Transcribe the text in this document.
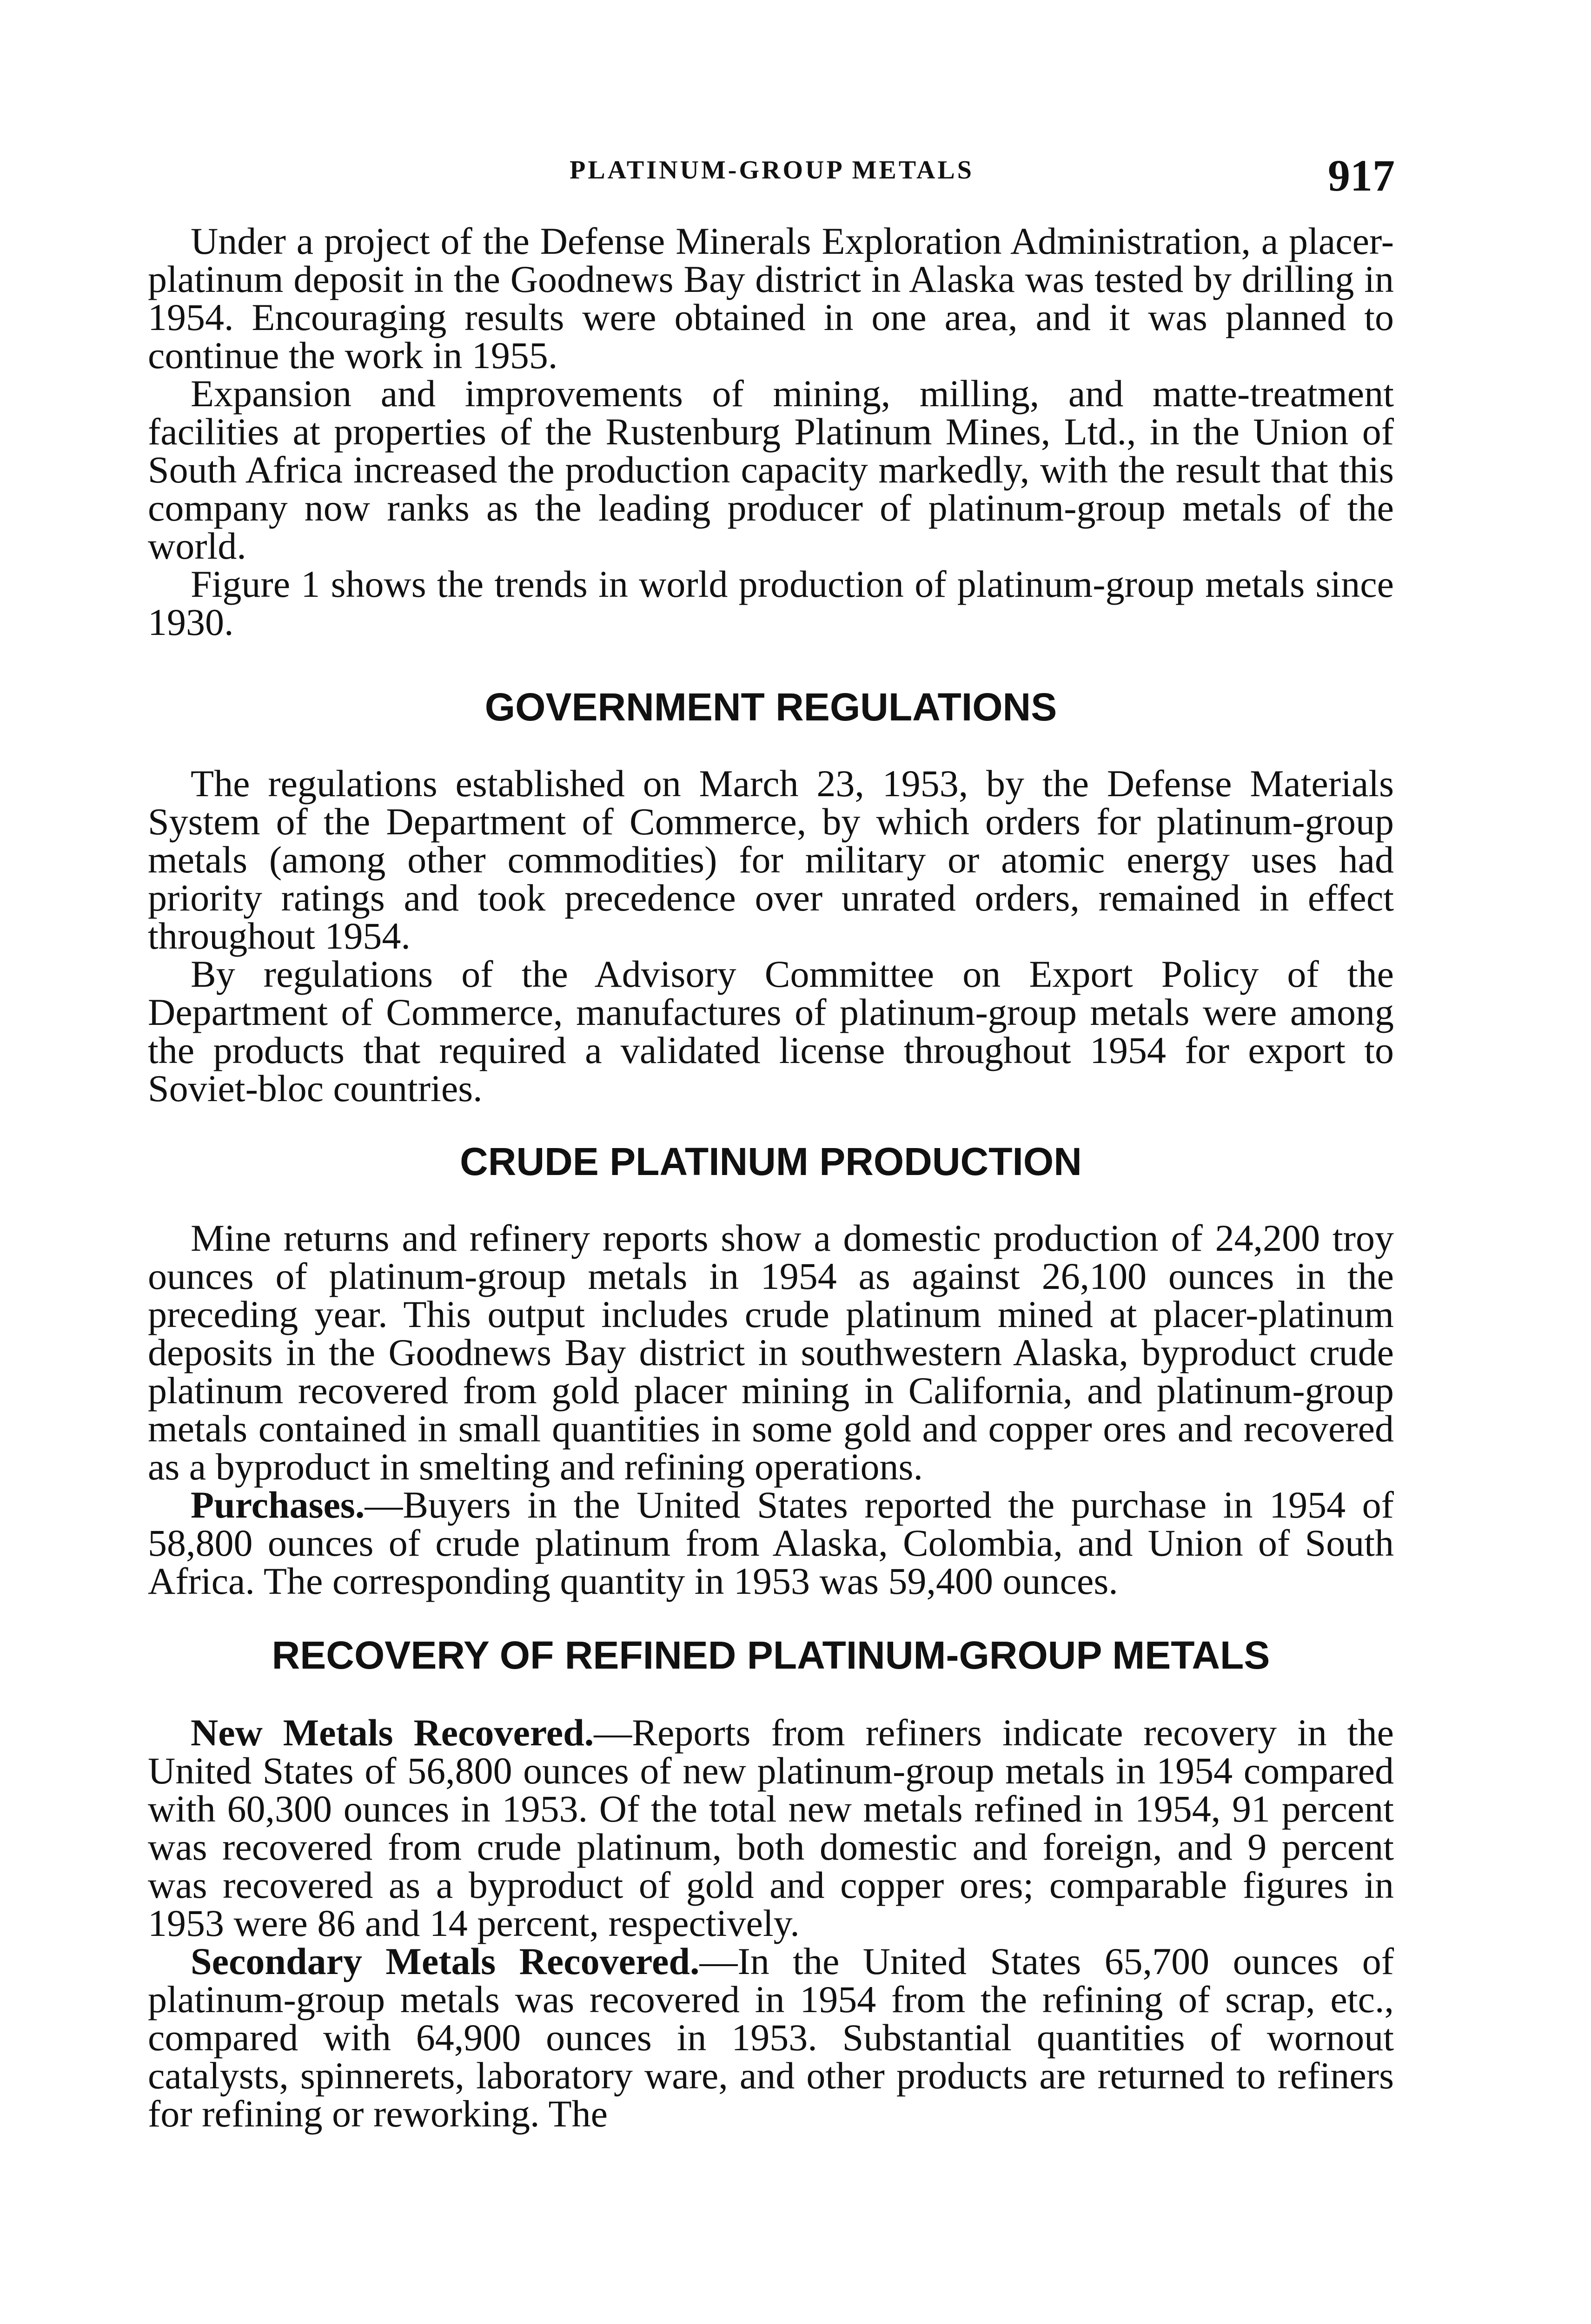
PLATINUM-GROUP METALS	917

Under a project of the Defense Minerals Exploration Administration, a placer-platinum deposit in the Goodnews Bay district in Alaska was tested by drilling in 1954. Encouraging results were obtained in one area, and it was planned to continue the work in 1955.

Expansion and improvements of mining, milling, and matte-treatment facilities at properties of the Rustenburg Platinum Mines, Ltd., in the Union of South Africa increased the production capacity markedly, with the result that this company now ranks as the leading producer of platinum-group metals of the world.

Figure 1 shows the trends in world production of platinum-group metals since 1930.

GOVERNMENT REGULATIONS

The regulations established on March 23, 1953, by the Defense Materials System of the Department of Commerce, by which orders for platinum-group metals (among other commodities) for military or atomic energy uses had priority ratings and took precedence over unrated orders, remained in effect throughout 1954.

By regulations of the Advisory Committee on Export Policy of the Department of Commerce, manufactures of platinum-group metals were among the products that required a validated license throughout 1954 for export to Soviet-bloc countries.

CRUDE PLATINUM PRODUCTION

Mine returns and refinery reports show a domestic production of 24,200 troy ounces of platinum-group metals in 1954 as against 26,100 ounces in the preceding year. This output includes crude platinum mined at placer-platinum deposits in the Goodnews Bay district in southwestern Alaska, byproduct crude platinum recovered from gold placer mining in California, and platinum-group metals contained in small quantities in some gold and copper ores and recovered as a byproduct in smelting and refining operations.

Purchases.—Buyers in the United States reported the purchase in 1954 of 58,800 ounces of crude platinum from Alaska, Colombia, and Union of South Africa. The corresponding quantity in 1953 was 59,400 ounces.

RECOVERY OF REFINED PLATINUM-GROUP METALS

New Metals Recovered.—Reports from refiners indicate recovery in the United States of 56,800 ounces of new platinum-group metals in 1954 compared with 60,300 ounces in 1953. Of the total new metals refined in 1954, 91 percent was recovered from crude platinum, both domestic and foreign, and 9 percent was recovered as a byproduct of gold and copper ores; comparable figures in 1953 were 86 and 14 percent, respectively.

Secondary Metals Recovered.—In the United States 65,700 ounces of platinum-group metals was recovered in 1954 from the refining of scrap, etc., compared with 64,900 ounces in 1953. Substantial quantities of wornout catalysts, spinnerets, laboratory ware, and other products are returned to refiners for refining or reworking. The
